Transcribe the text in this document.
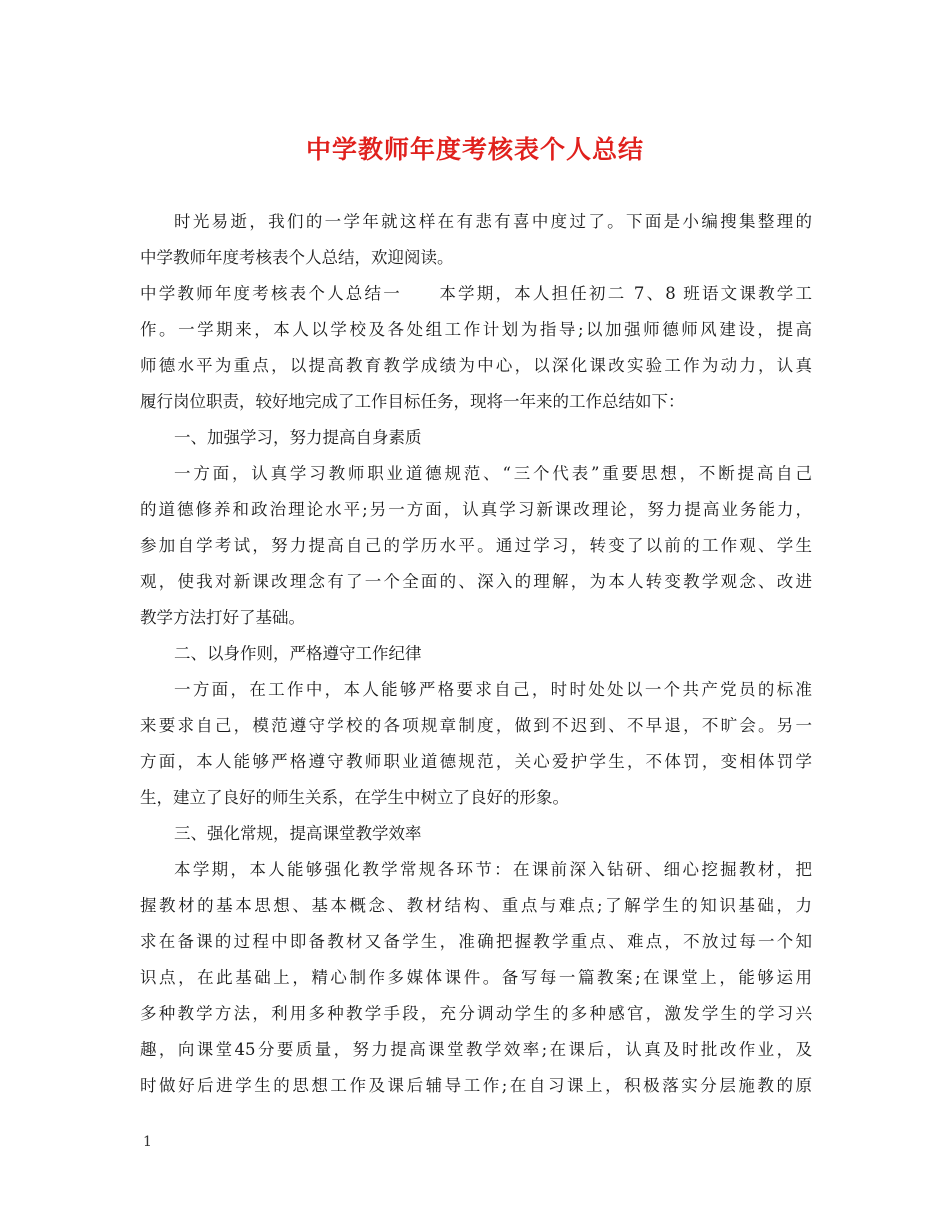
中学教师年度考核表个人总结
时光易逝，我们的一学年就这样在有悲有喜中度过了。下面是小编搜集整理的
中学教师年度考核表个人总结，欢迎阅读。
中学教师年度考核表个人总结一　　本学期，本人担任初二 7、8 班语文课教学工
作。一学期来，本人以学校及各处组工作计划为指导;以加强师德师风建设，提高
师德水平为重点，以提高教育教学成绩为中心，以深化课改实验工作为动力，认真
履行岗位职责，较好地完成了工作目标任务，现将一年来的工作总结如下：
一、加强学习，努力提高自身素质
一方面，认真学习教师职业道德规范、“三个代表”重要思想，不断提高自己
的道德修养和政治理论水平;另一方面，认真学习新课改理论，努力提高业务能力，
参加自学考试，努力提高自己的学历水平。通过学习，转变了以前的工作观、学生
观，使我对新课改理念有了一个全面的、深入的理解，为本人转变教学观念、改进
教学方法打好了基础。
二、以身作则，严格遵守工作纪律
一方面，在工作中，本人能够严格要求自己，时时处处以一个共产党员的标准
来要求自己，模范遵守学校的各项规章制度，做到不迟到、不早退，不旷会。另一
方面，本人能够严格遵守教师职业道德规范，关心爱护学生，不体罚，变相体罚学
生，建立了良好的师生关系，在学生中树立了良好的形象。
三、强化常规，提高课堂教学效率
本学期，本人能够强化教学常规各环节：在课前深入钻研、细心挖掘教材，把
握教材的基本思想、基本概念、教材结构、重点与难点;了解学生的知识基础，力
求在备课的过程中即备教材又备学生，准确把握教学重点、难点，不放过每一个知
识点，在此基础上，精心制作多媒体课件。备写每一篇教案;在课堂上，能够运用
多种教学方法，利用多种教学手段，充分调动学生的多种感官，激发学生的学习兴
趣，向课堂45分要质量，努力提高课堂教学效率;在课后，认真及时批改作业，及
时做好后进学生的思想工作及课后辅导工作;在自习课上，积极落实分层施教的原
1
